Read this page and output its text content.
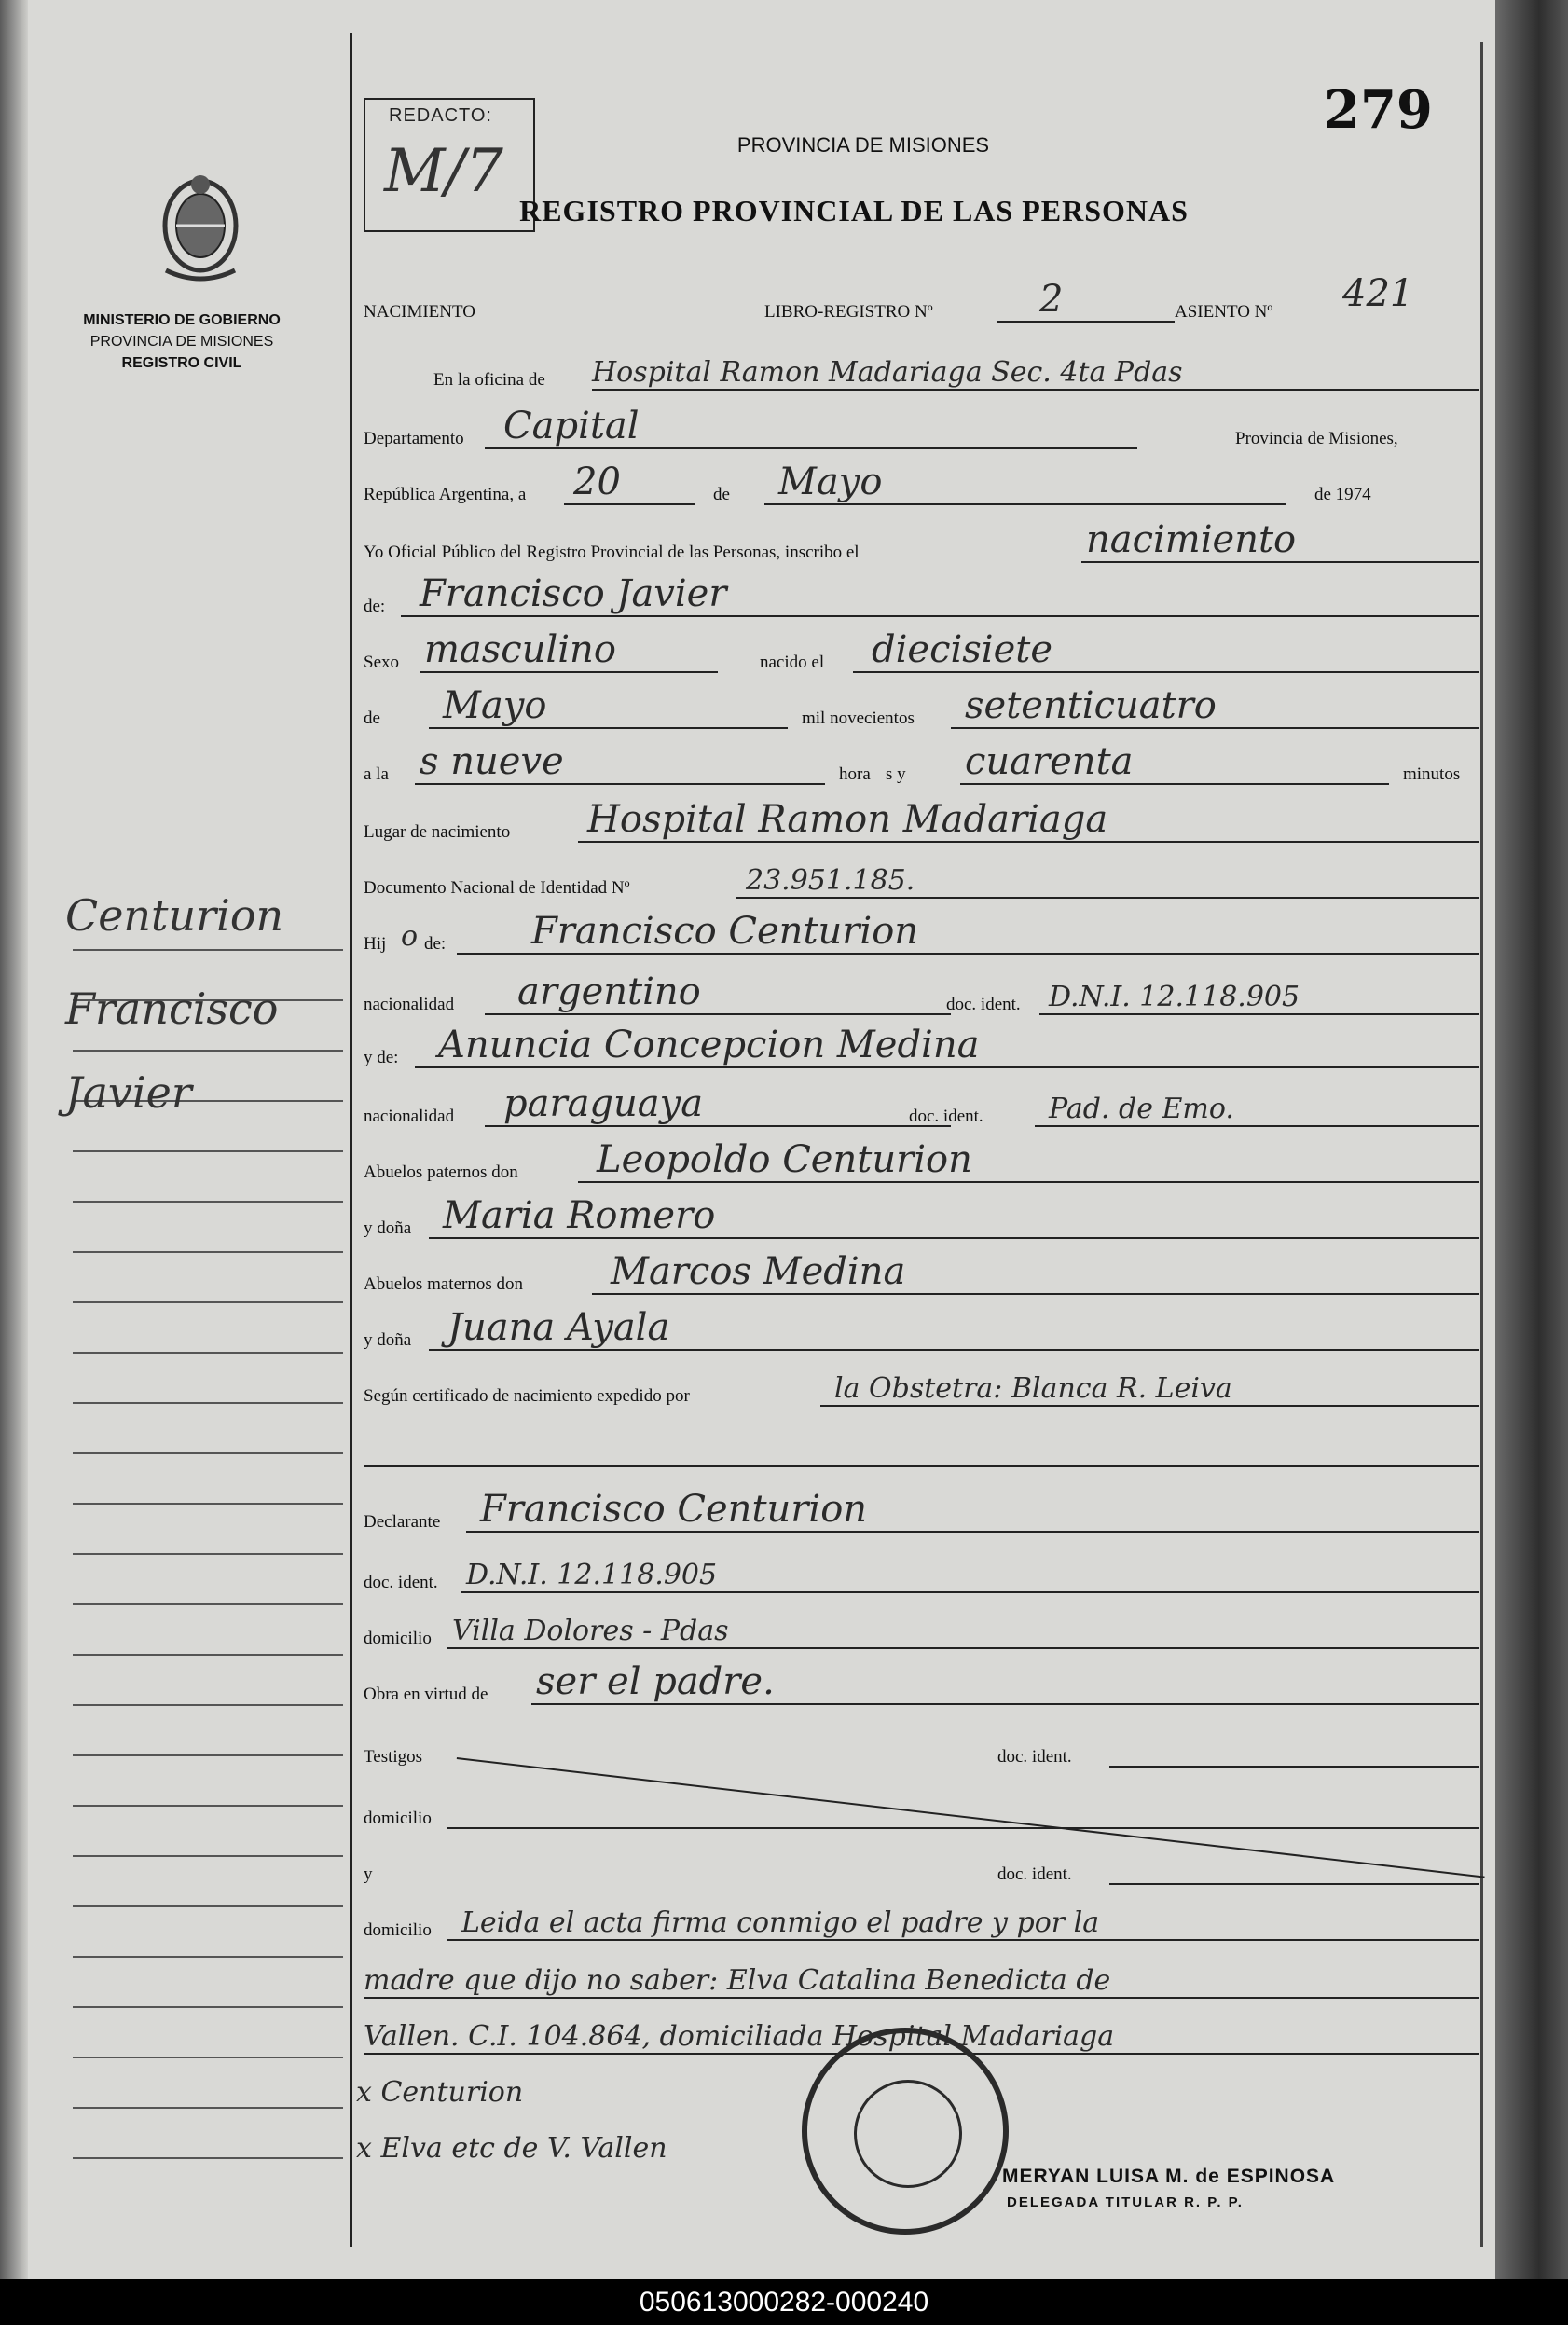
REDACTO:
M/7
279
PROVINCIA DE MISIONES
REGISTRO PROVINCIAL DE LAS PERSONAS
MINISTERIO DE GOBIERNO
PROVINCIA DE MISIONES
REGISTRO CIVIL
Centurion
Francisco
Javier
NACIMIENTO	LIBRO-REGISTRO Nº	2	ASIENTO Nº 421
En la oficina de Hospital Ramon Madariaga Sec. 4ta Pdas
Departamento Capital	Provincia de Misiones,
República Argentina, a 20	de Mayo	de 1974
Yo Oficial Público del Registro Provincial de las Personas, inscribo el	nacimiento
de: Francisco Javier
Sexo masculino	nacido el diecisiete
de Mayo	mil novecientos setenticuatro
a la s nueve	hora s y cuarenta	minutos
Lugar de nacimiento Hospital Ramon Madariaga
Documento Nacional de Identidad Nº	23.951.185.
Hij o de: Francisco Centurion
nacionalidad argentino	doc. ident. D.N.I. 12.118.905
y de: Anuncia Concepcion Medina
nacionalidad paraguaya	doc. ident. Pad. de Emo.
Abuelos paternos don Leopoldo Centurion
y doña Maria Romero
Abuelos maternos don Marcos Medina
y doña Juana Ayala
Según certificado de nacimiento expedido por	la Obstetra: Blanca R. Leiva
Declarante Francisco Centurion
doc. ident. D.N.I. 12.118.905
domicilio Villa Dolores - Pdas
Obra en virtud de ser el padre.
Testigos	doc. ident.
domicilio
y	doc. ident.
domicilio Leida el acta firma conmigo el padre y por la
madre que dijo no saber: Elva Catalina Benedicta de
Vallen. C.I. 104.864, domiciliada Hospital Madariaga
x Centurion
x Elva etc de V. Vallen
MERYAN LUISA M. de ESPINOSA
DELEGADA TITULAR R. P. P.
050613000282-000240
